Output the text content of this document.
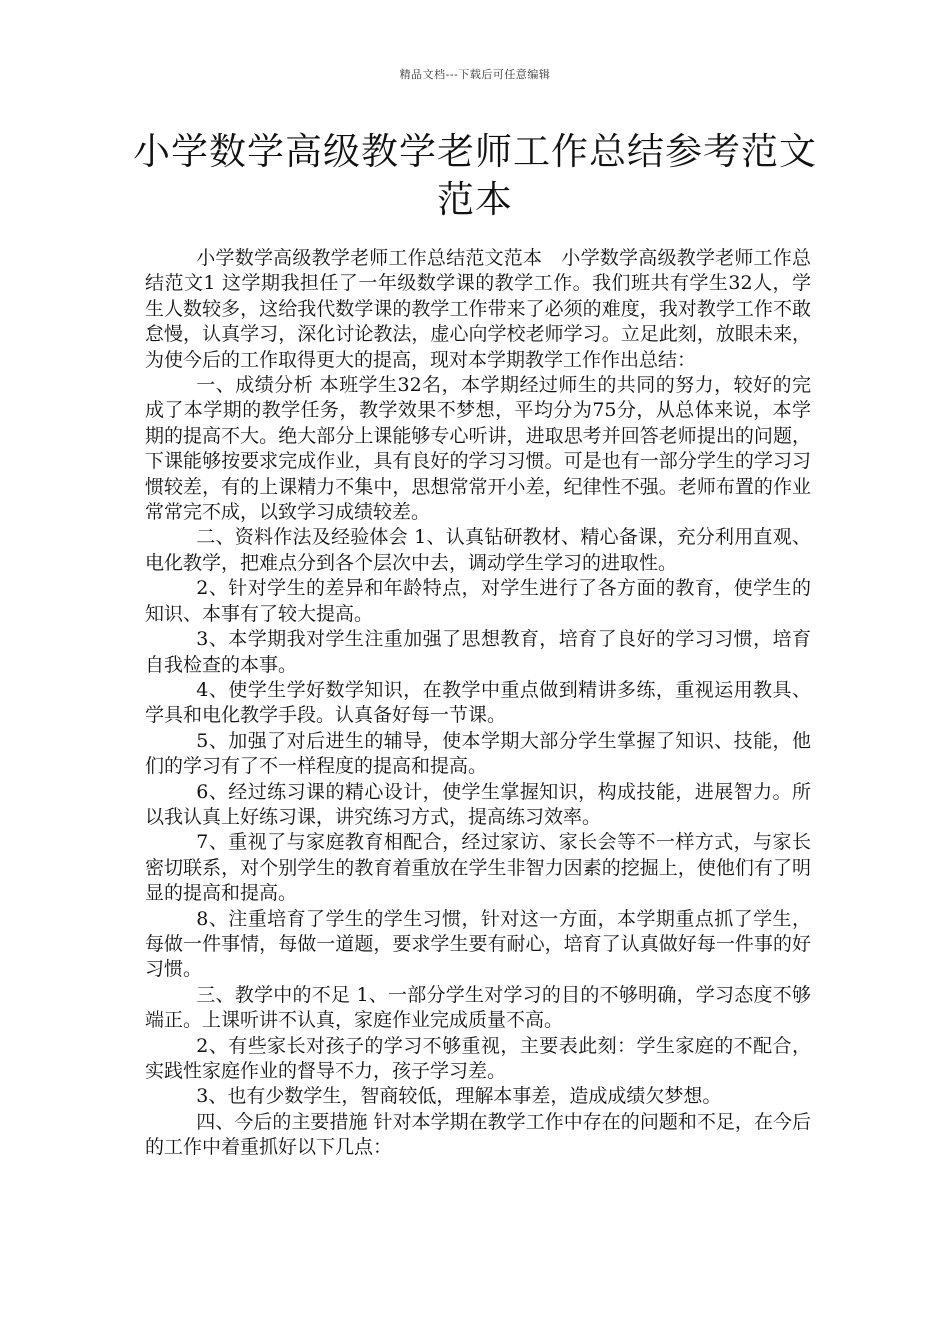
精品文档---下载后可任意编辑
小学数学高级教学老师工作总结参考范文范本

小学数学高级教学老师工作总结范文范本　小学数学高级教学老师工作总结范文1 这学期我担任了一年级数学课的教学工作。我们班共有学生32人，学生人数较多，这给我代数学课的教学工作带来了必须的难度，我对教学工作不敢怠慢，认真学习，深化讨论教法，虚心向学校老师学习。立足此刻，放眼未来，为使今后的工作取得更大的提高，现对本学期教学工作作出总结：

一、成绩分析 本班学生32名，本学期经过师生的共同的努力，较好的完成了本学期的教学任务，教学效果不梦想，平均分为75分，从总体来说，本学期的提高不大。绝大部分上课能够专心听讲，进取思考并回答老师提出的问题，下课能够按要求完成作业，具有良好的学习习惯。可是也有一部分学生的学习习惯较差，有的上课精力不集中，思想常常开小差，纪律性不强。老师布置的作业常常完不成，以致学习成绩较差。

二、资料作法及经验体会 1、认真钻研教材、精心备课，充分利用直观、电化教学，把难点分到各个层次中去，调动学生学习的进取性。

2、针对学生的差异和年龄特点，对学生进行了各方面的教育，使学生的知识、本事有了较大提高。

3、本学期我对学生注重加强了思想教育，培育了良好的学习习惯，培育自我检查的本事。

4、使学生学好数学知识，在教学中重点做到精讲多练，重视运用教具、学具和电化教学手段。认真备好每一节课。

5、加强了对后进生的辅导，使本学期大部分学生掌握了知识、技能，他们的学习有了不一样程度的提高和提高。

6、经过练习课的精心设计，使学生掌握知识，构成技能，进展智力。所以我认真上好练习课，讲究练习方式，提高练习效率。

7、重视了与家庭教育相配合，经过家访、家长会等不一样方式，与家长密切联系，对个别学生的教育着重放在学生非智力因素的挖掘上，使他们有了明显的提高和提高。

8、注重培育了学生的学生习惯，针对这一方面，本学期重点抓了学生，每做一件事情，每做一道题，要求学生要有耐心，培育了认真做好每一件事的好习惯。

三、教学中的不足 1、一部分学生对学习的目的不够明确，学习态度不够端正。上课听讲不认真，家庭作业完成质量不高。

2、有些家长对孩子的学习不够重视，主要表此刻：学生家庭的不配合，实践性家庭作业的督导不力，孩子学习差。

3、也有少数学生，智商较低，理解本事差，造成成绩欠梦想。

四、今后的主要措施 针对本学期在教学工作中存在的问题和不足，在今后的工作中着重抓好以下几点：
